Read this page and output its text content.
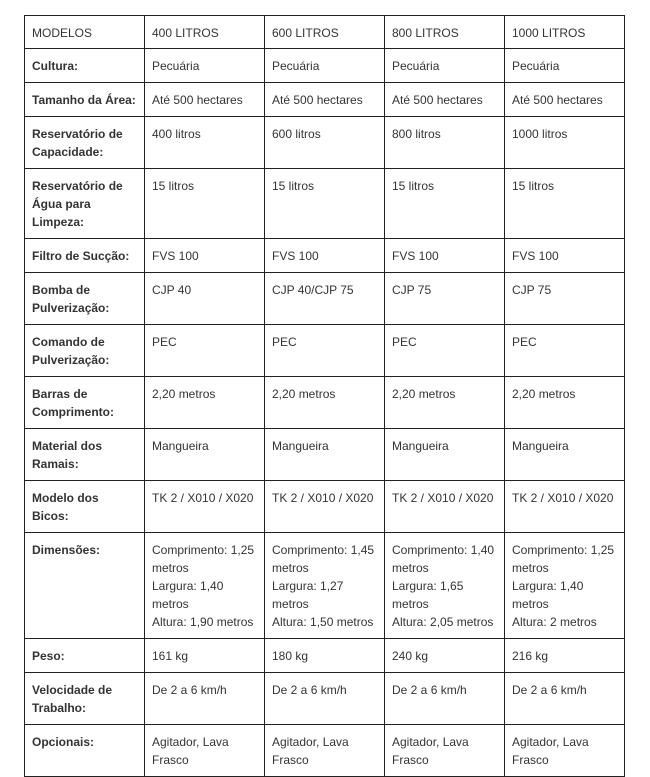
MODELOS	400 LITROS	600 LITROS	800 LITROS	1000 LITROS
Cultura:	Pecuária	Pecuária	Pecuária	Pecuária
Tamanho da Área:	Até 500 hectares	Até 500 hectares	Até 500 hectares	Até 500 hectares
Reservatório de Capacidade:	400 litros	600 litros	800 litros	1000 litros
Reservatório de Água para Limpeza:	15 litros	15 litros	15 litros	15 litros
Filtro de Sucção:	FVS 100	FVS 100	FVS 100	FVS 100
Bomba de Pulverização:	CJP 40	CJP 40/CJP 75	CJP 75	CJP 75
Comando de Pulverização:	PEC	PEC	PEC	PEC
Barras de Comprimento:	2,20 metros	2,20 metros	2,20 metros	2,20 metros
Material dos Ramais:	Mangueira	Mangueira	Mangueira	Mangueira
Modelo dos Bicos:	TK 2 / X010 / X020	TK 2 / X010 / X020	TK 2 / X010 / X020	TK 2 / X010 / X020
Dimensões:	Comprimento: 1,25 metros
Largura: 1,40 metros
Altura: 1,90 metros	Comprimento: 1,45 metros
Largura: 1,27 metros
Altura: 1,50 metros	Comprimento: 1,40 metros
Largura: 1,65 metros
Altura: 2,05 metros	Comprimento: 1,25 metros
Largura: 1,40 metros
Altura: 2 metros

Peso:	161 kg	180 kg	240 kg	216 kg
Velocidade de Trabalho:	De 2 a 6 km/h	De 2 a 6 km/h	De 2 a 6 km/h	De 2 a 6 km/h
Opcionais:	Agitador, Lava Frasco	Agitador, Lava Frasco	Agitador, Lava Frasco	Agitador, Lava Frasco
